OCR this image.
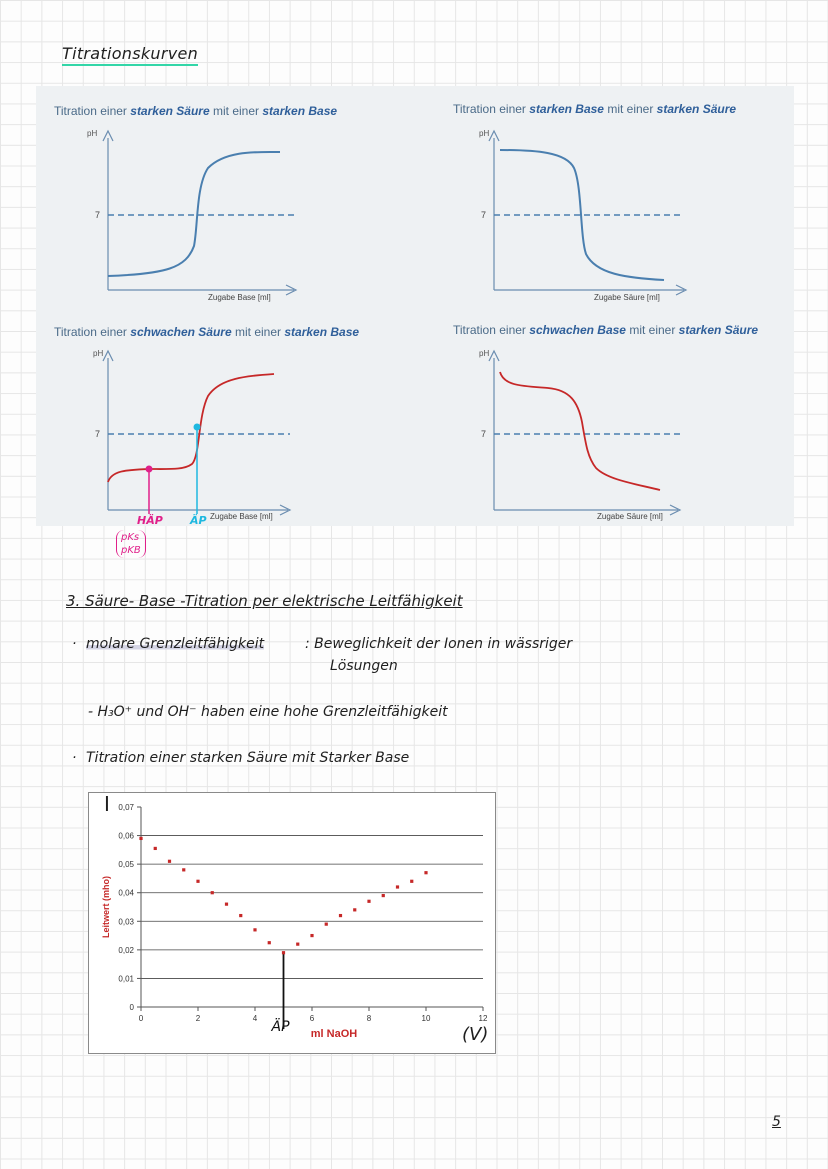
Titrationskurven
Titration einer starken Säure mit einer starken Base	Titration einer starken Base mit einer starken Säure
Titration einer schwachen Säure mit einer starken Base	Titration einer schwachen Base mit einer starken Säure
pH
7
Zugabe Base [ml]
pH
7
Zugabe Säure [ml]
pH
7
Zugabe Base [ml]
pH
7
Zugabe Säure [ml]
HÄP ÄP
pKs
pKB
3. Säure- Base -Titration per elektrische Leitfähigkeit
· molare Grenzleitfähigkeit	: Beweglichkeit der Ionen in wässriger
Lösungen
- H₃O⁺ und OH⁻ haben eine hohe Grenzleitfähigkeit
· Titration einer starken Säure mit Starker Base
0
0,01
0,02
0,03
0,04
0,05
0,06
0,07
0	2	4	6	8	10	12
Leitwert (mho)
ml NaOH
ÄP
I
(V)
5
